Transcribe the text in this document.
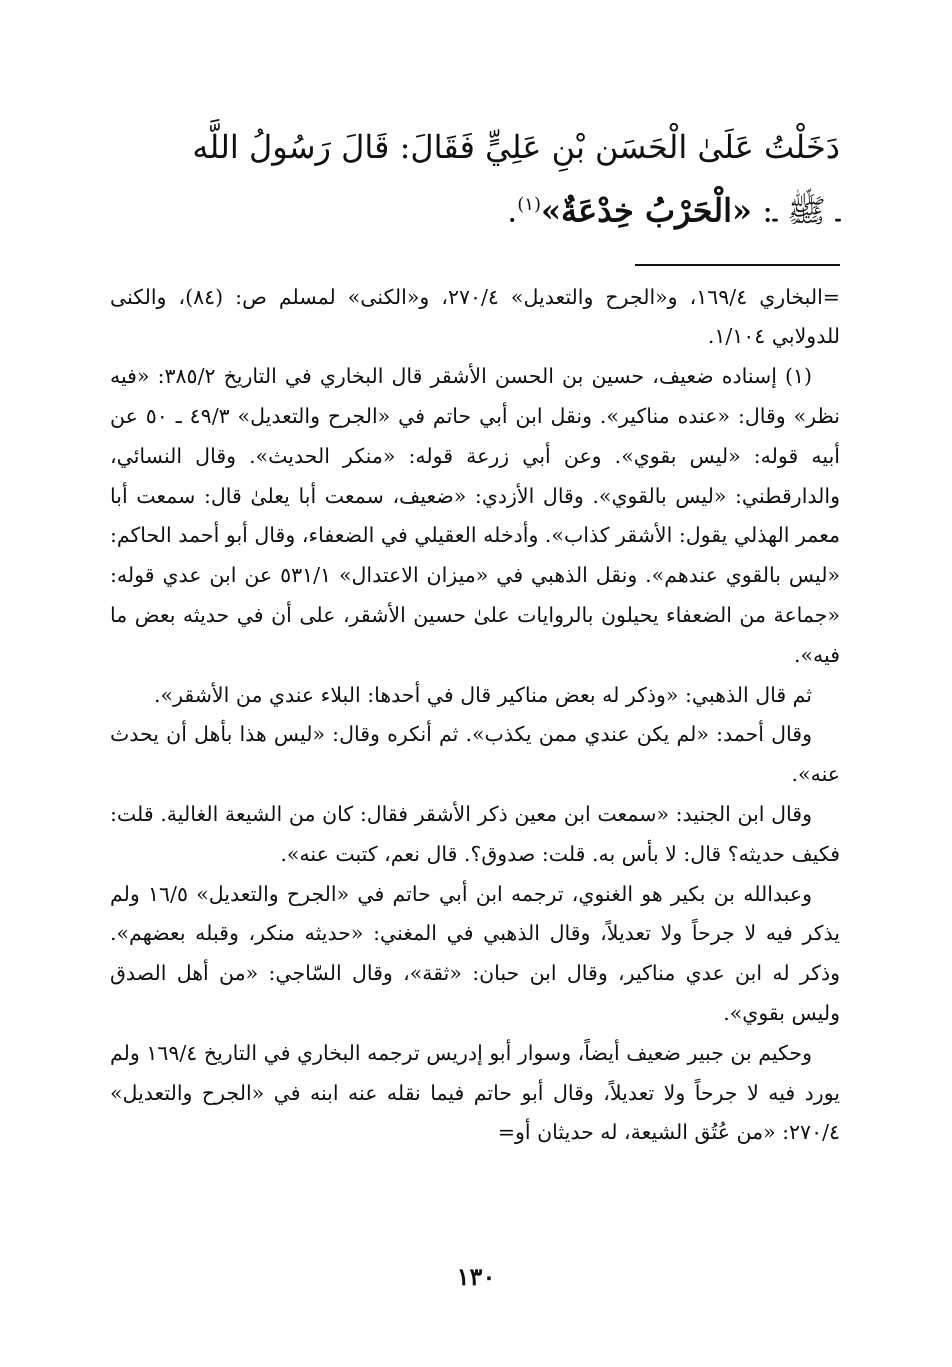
دَخَلْتُ عَلَىٰ الْحَسَن بْنِ عَلِيٍّ فَقَالَ: قَالَ رَسُولُ اللَّه
ـ ﷺ ـ: «الْحَرْبُ خِدْعَةٌ»$^{(١)}$.

=البخاري ١٦٩/٤، و«الجرح والتعديل» ٢٧٠/٤، و«الكنى» لمسلم ص: (٨٤)، والكنى للدولابي ١/١٠٤.

(١) إسناده ضعيف، حسين بن الحسن الأشقر قال البخاري في التاريخ ٣٨٥/٢: «فيه نظر» وقال: «عنده مناكير». ونقل ابن أبي حاتم في «الجرح والتعديل» ٤٩/٣ ـ ٥٠ عن أبيه قوله: «ليس بقوي». وعن أبي زرعة قوله: «منكر الحديث». وقال النسائي، والدارقطني: «ليس بالقوي». وقال الأزدي: «ضعيف، سمعت أبا يعلىٰ قال: سمعت أبا معمر الهذلي يقول: الأشقر كذاب». وأدخله العقيلي في الضعفاء، وقال أبو أحمد الحاكم: «ليس بالقوي عندهم». ونقل الذهبي في «ميزان الاعتدال» ٥٣١/١ عن ابن عدي قوله: «جماعة من الضعفاء يحيلون بالروايات علىٰ حسين الأشقر، على أن في حديثه بعض ما فيه».

ثم قال الذهبي: «وذكر له بعض مناكير قال في أحدها: البلاء عندي من الأشقر».

وقال أحمد: «لم يكن عندي ممن يكذب». ثم أنكره وقال: «ليس هذا بأهل أن يحدث عنه».

وقال ابن الجنيد: «سمعت ابن معين ذكر الأشقر فقال: كان من الشيعة الغالية. قلت: فكيف حديثه؟ قال: لا بأس به. قلت: صدوق؟. قال نعم، كتبت عنه».

وعبدالله بن بكير هو الغنوي، ترجمه ابن أبي حاتم في «الجرح والتعديل» ١٦/٥ ولم يذكر فيه لا جرحاً ولا تعديلاً، وقال الذهبي في المغني: «حديثه منكر، وقبله بعضهم». وذكر له ابن عدي مناكير، وقال ابن حبان: «ثقة»، وقال السّاجي: «من أهل الصدق وليس بقوي».

وحكيم بن جبير ضعيف أيضاً، وسوار أبو إدريس ترجمه البخاري في التاريخ ١٦٩/٤ ولم يورد فيه لا جرحاً ولا تعديلاً، وقال أبو حاتم فيما نقله عنه ابنه في «الجرح والتعديل» ٢٧٠/٤: «من عُتُق الشيعة، له حديثان أو=

١٣٠
